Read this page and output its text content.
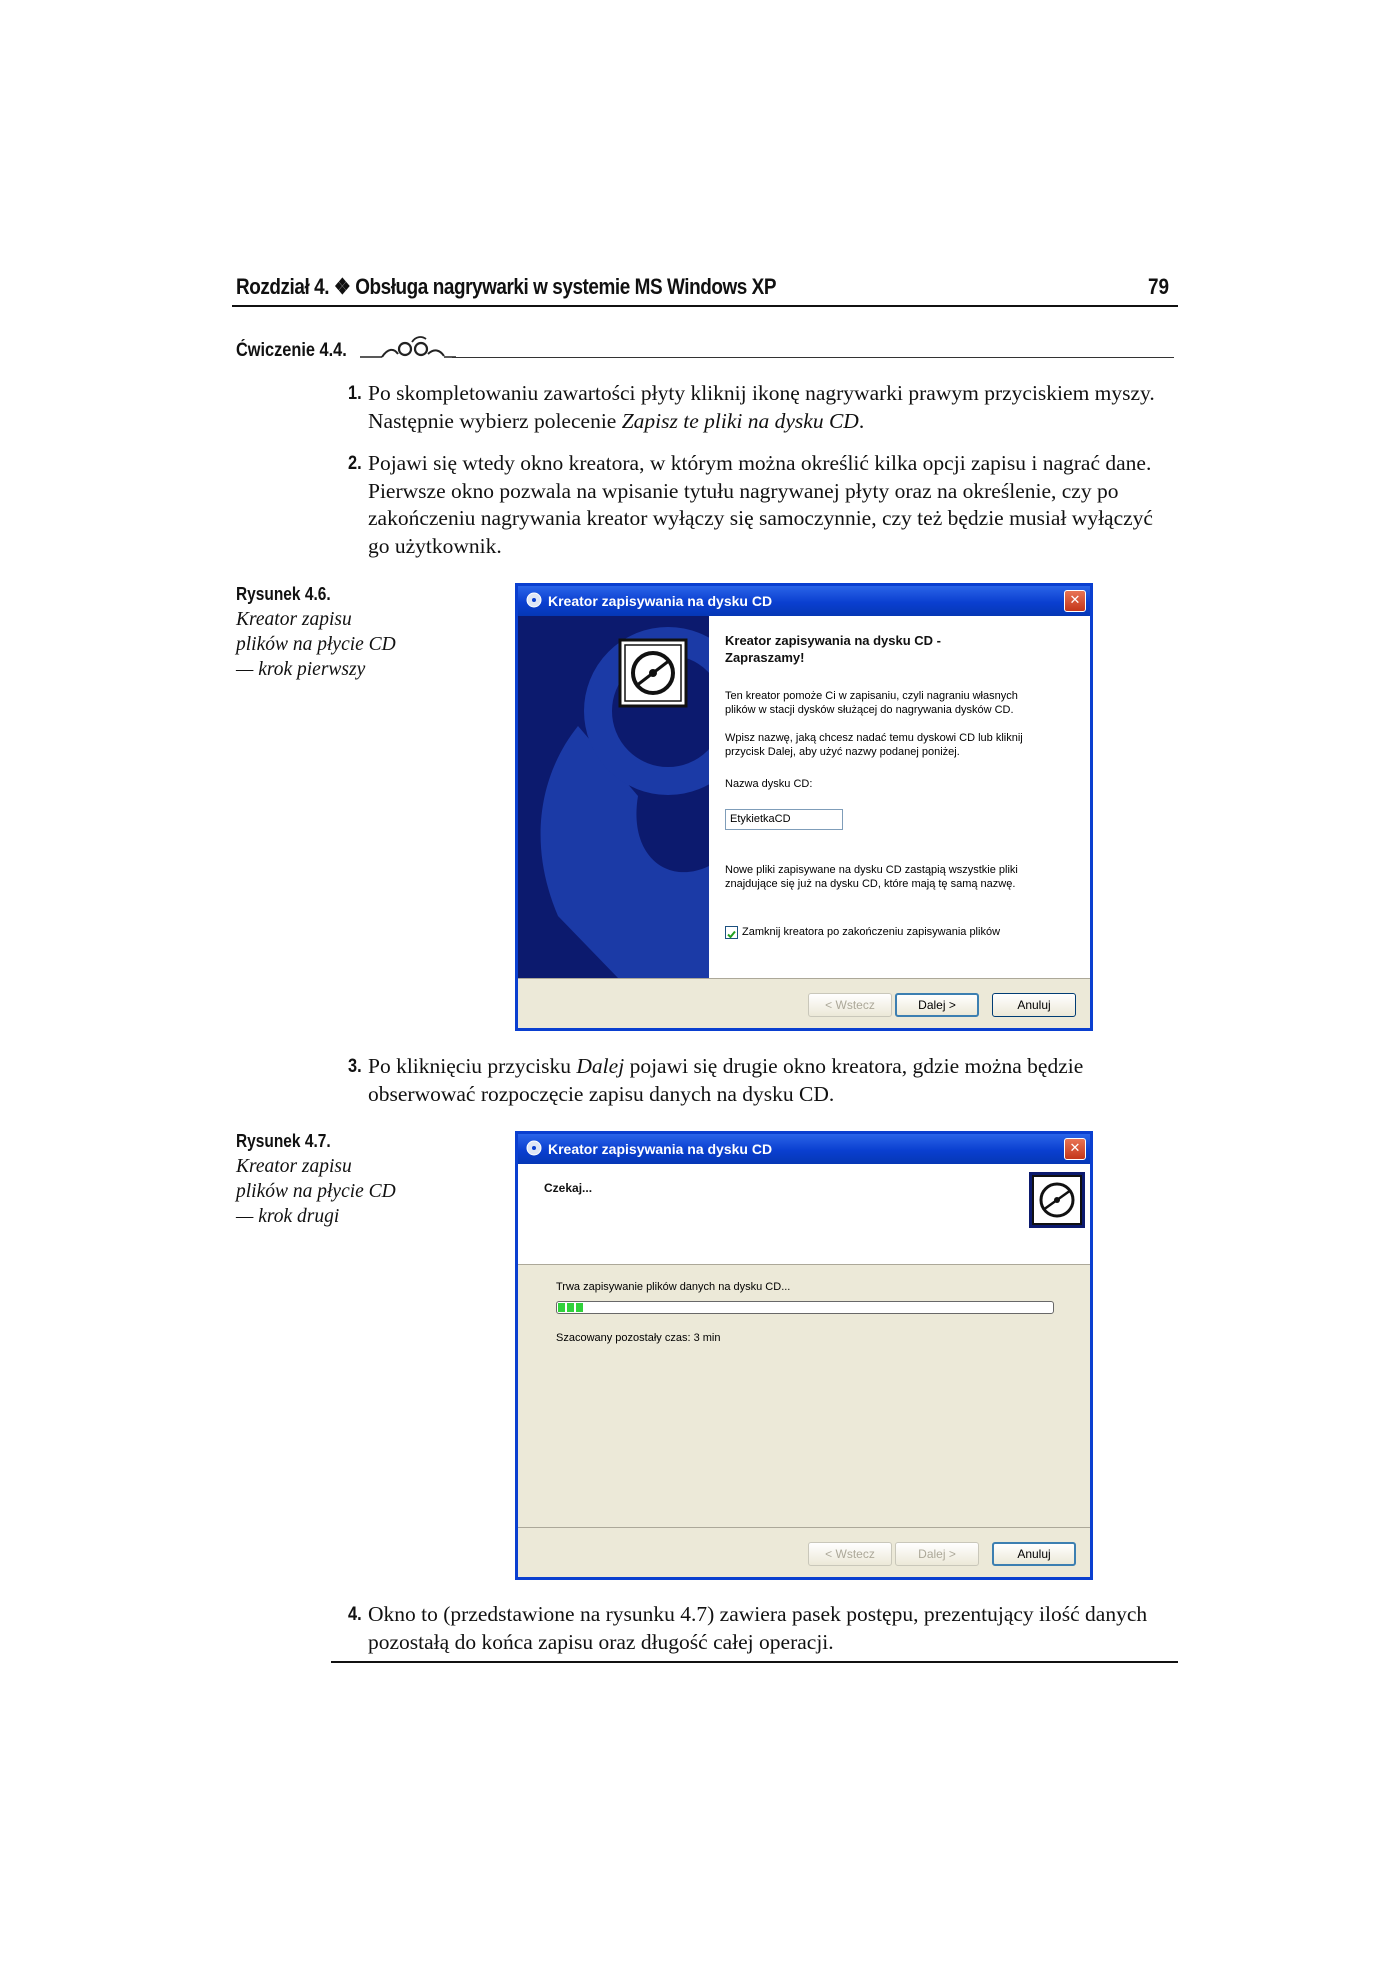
Rozdział 4. ❖ Obsługa nagrywarki w systemie MS Windows XP	79
Ćwiczenie 4.4.
1. Po skompletowaniu zawartości płyty kliknij ikonę nagrywarki prawym przyciskiem myszy. Następnie wybierz polecenie Zapisz te pliki na dysku CD.
2. Pojawi się wtedy okno kreatora, w którym można określić kilka opcji zapisu i nagrać dane. Pierwsze okno pozwala na wpisanie tytułu nagrywanej płyty oraz na określenie, czy po zakończeniu nagrywania kreator wyłączy się samoczynnie, czy też będzie musiał wyłączyć go użytkownik.
Rysunek 4.6.
Kreator zapisu
plików na płycie CD
— krok pierwszy
Kreator zapisywania na dysku CD	✕
Kreator zapisywania na dysku CD -
Zapraszamy!
Ten kreator pomoże Ci w zapisaniu, czyli nagraniu własnych
plików w stacji dysków służącej do nagrywania dysków CD.
Wpisz nazwę, jaką chcesz nadać temu dyskowi CD lub kliknij
przycisk Dalej, aby użyć nazwy podanej poniżej.
Nazwa dysku CD:
EtykietkaCD
Nowe pliki zapisywane na dysku CD zastąpią wszystkie pliki
znajdujące się już na dysku CD, które mają tę samą nazwę.
Zamknij kreatora po zakończeniu zapisywania plików
< Wstecz	Dalej >	Anuluj
3. Po kliknięciu przycisku Dalej pojawi się drugie okno kreatora, gdzie można będzie obserwować rozpoczęcie zapisu danych na dysku CD.
Rysunek 4.7.
Kreator zapisu
plików na płycie CD
— krok drugi
Kreator zapisywania na dysku CD	✕
Czekaj...
Trwa zapisywanie plików danych na dysku CD...
Szacowany pozostały czas: 3 min
< Wstecz	Dalej >	Anuluj
4. Okno to (przedstawione na rysunku 4.7) zawiera pasek postępu, prezentujący ilość danych pozostałą do końca zapisu oraz długość całej operacji.
